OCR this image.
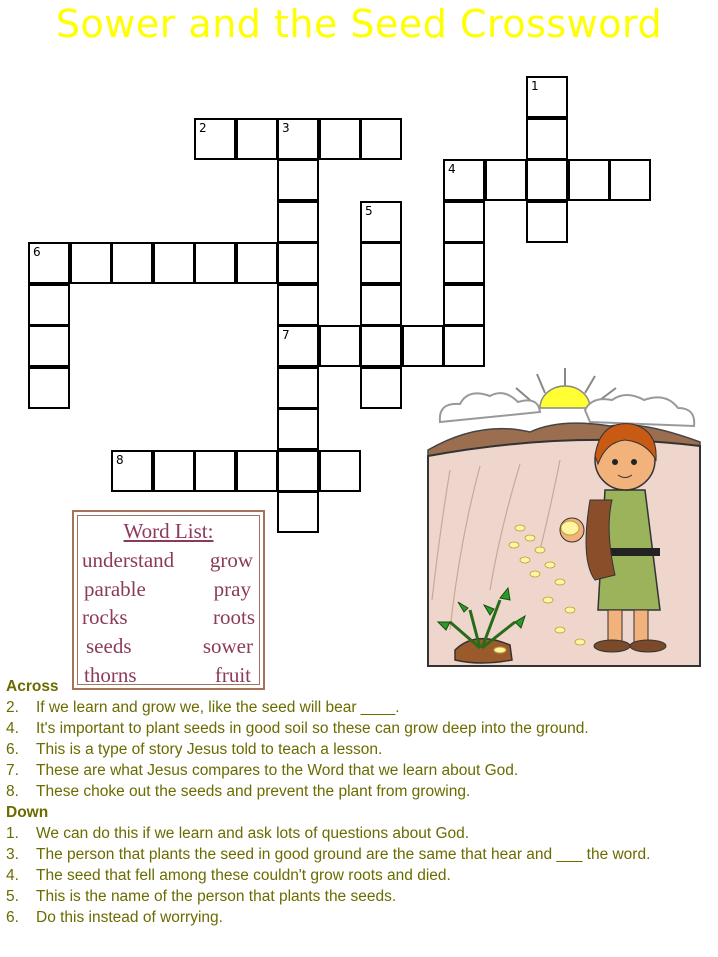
Sower and the Seed Crossword
1
2	3
7
4
5
6
8
Word List:
understand grow
parable	pray
rocks	roots
seeds	sower
thorns	fruit
Across
2.	If we learn and grow we, like the seed will bear ____.
4.	It's important to plant seeds in good soil so these can grow deep into the ground.
6.	This is a type of story Jesus told to teach a lesson.
7.	These are what Jesus compares to the Word that we learn about God.
8.	These choke out the seeds and prevent the plant from growing.
Down
1.	We can do this if we learn and ask lots of questions about God.
3.	The person that plants the seed in good ground are the same that hear and ___ the word.
4.	The seed that fell among these couldn't grow roots and died.
5.	This is the name of the person that plants the seeds.
6.	Do this instead of worrying.
